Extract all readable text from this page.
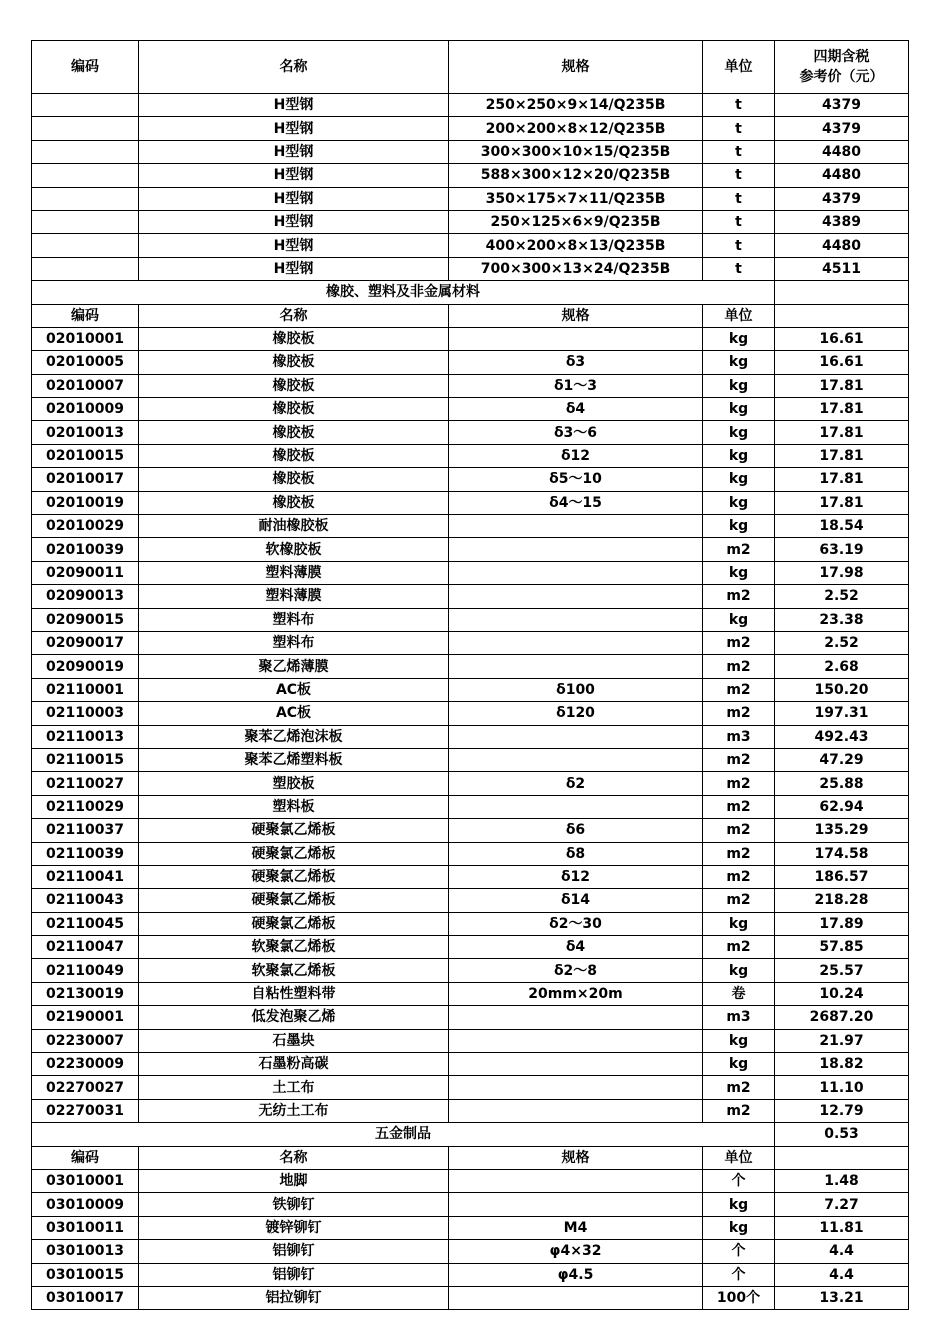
编码	名称	规格	单位	四期含税
参考价（元）

	H型钢	250×250×9×14/Q235B	t	4379
	H型钢	200×200×8×12/Q235B	t	4379
	H型钢	300×300×10×15/Q235B	t	4480
	H型钢	588×300×12×20/Q235B	t	4480
	H型钢	350×175×7×11/Q235B	t	4379
	H型钢	250×125×6×9/Q235B	t	4389
	H型钢	400×200×8×13/Q235B	t	4480
	H型钢	700×300×13×24/Q235B	t	4511
橡胶、塑料及非金属材料				
编码	名称	规格	单位	
02010001	橡胶板		kg	16.61
02010005	橡胶板	δ3	kg	16.61
02010007	橡胶板	δ1～3	kg	17.81
02010009	橡胶板	δ4	kg	17.81
02010013	橡胶板	δ3～6	kg	17.81
02010015	橡胶板	δ12	kg	17.81
02010017	橡胶板	δ5～10	kg	17.81
02010019	橡胶板	δ4～15	kg	17.81
02010029	耐油橡胶板		kg	18.54
02010039	软橡胶板		m2	63.19
02090011	塑料薄膜		kg	17.98
02090013	塑料薄膜		m2	2.52
02090015	塑料布		kg	23.38
02090017	塑料布		m2	2.52
02090019	聚乙烯薄膜		m2	2.68
02110001	AC板	δ100	m2	150.20
02110003	AC板	δ120	m2	197.31
02110013	聚苯乙烯泡沫板		m3	492.43
02110015	聚苯乙烯塑料板		m2	47.29
02110027	塑胶板	δ2	m2	25.88
02110029	塑料板		m2	62.94
02110037	硬聚氯乙烯板	δ6	m2	135.29
02110039	硬聚氯乙烯板	δ8	m2	174.58
02110041	硬聚氯乙烯板	δ12	m2	186.57
02110043	硬聚氯乙烯板	δ14	m2	218.28
02110045	硬聚氯乙烯板	δ2～30	kg	17.89
02110047	软聚氯乙烯板	δ4	m2	57.85
02110049	软聚氯乙烯板	δ2～8	kg	25.57
02130019	自粘性塑料带	20mm×20m	卷	10.24
02190001	低发泡聚乙烯		m3	2687.20
02230007	石墨块		kg	21.97
02230009	石墨粉高碳		kg	18.82
02270027	土工布		m2	11.10
02270031	无纺土工布		m2	12.79
五金制品				0.53
编码	名称	规格	单位	
03010001	地脚		个	1.48
03010009	铁铆钉		kg	7.27
03010011	镀锌铆钉	M4	kg	11.81
03010013	铝铆钉	φ4×32	个	4.4
03010015	铝铆钉	φ4.5	个	4.4
03010017	铝拉铆钉		100个	13.21
